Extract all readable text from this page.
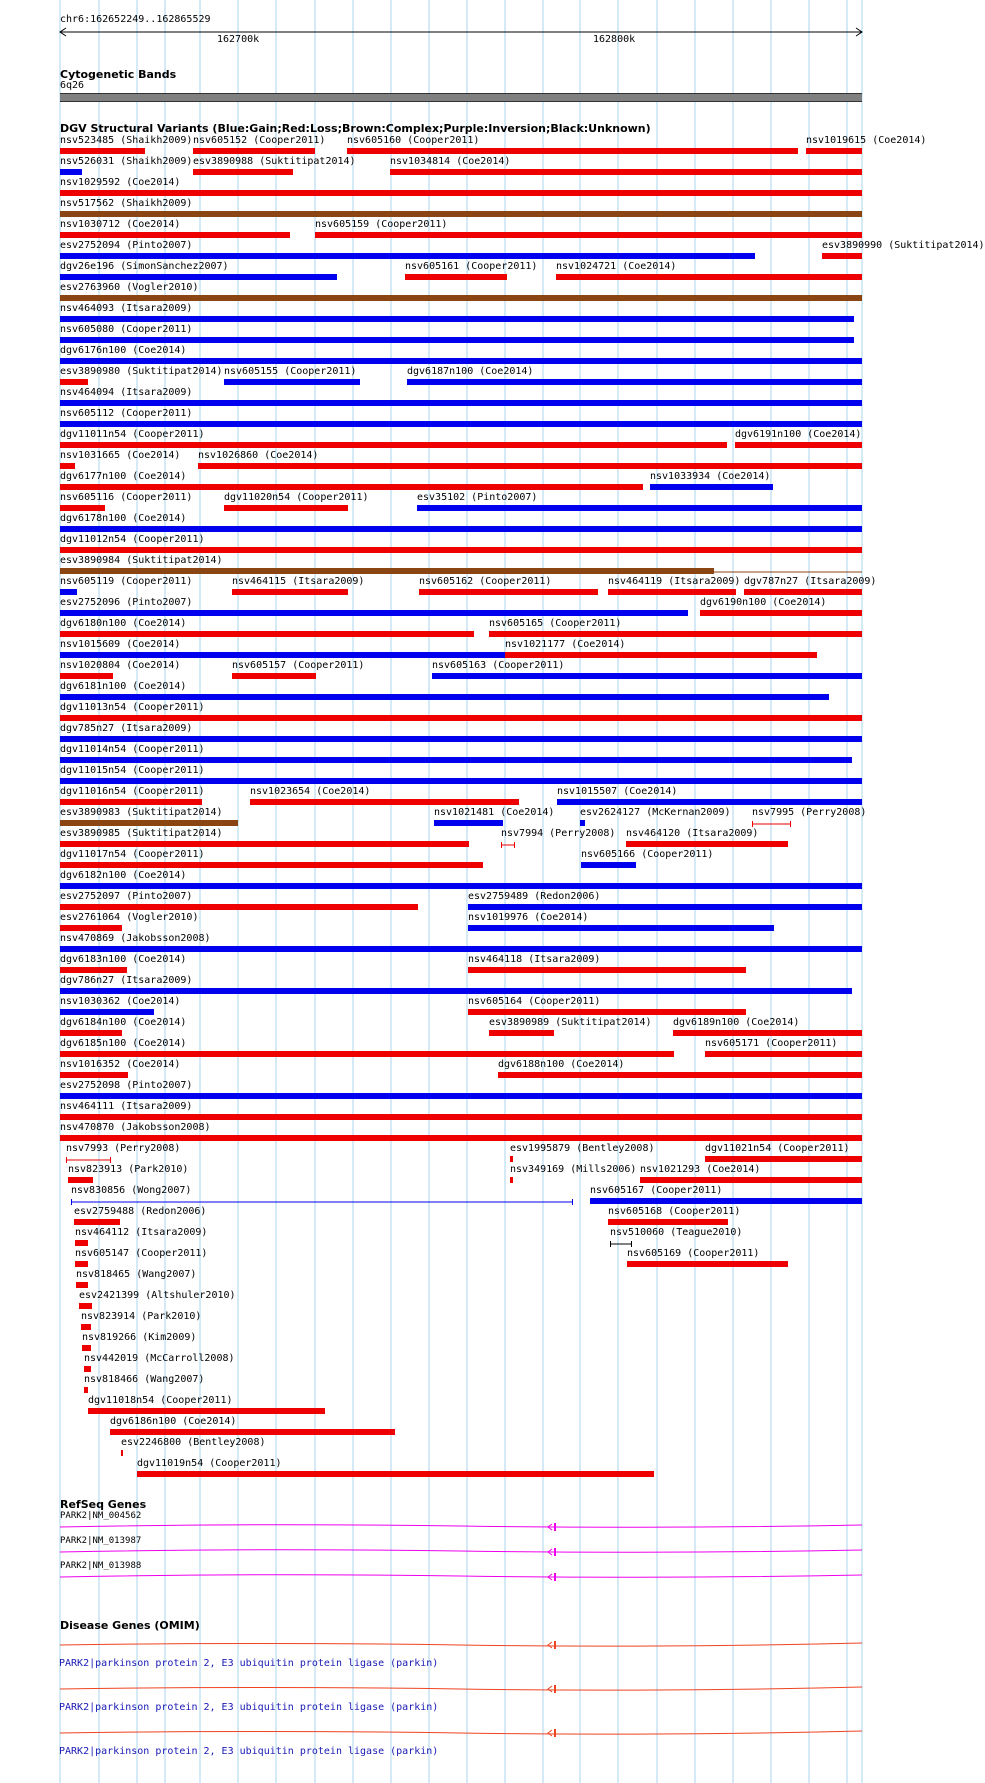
chr6:162652249..162865529
162700k	162800k
Cytogenetic Bands
6q26
DGV Structural Variants (Blue:Gain;Red:Loss;Brown:Complex;Purple:Inversion;Black:Unknown)
nsv523485 (Shaikh2009) nsv605152 (Cooper2011) nsv605160 (Cooper2011)	nsv1019615 (Coe2014)
nsv526031 (Shaikh2009) esv3890988 (Suktitipat2014)	nsv1034814 (Coe2014)
nsv1029592 (Coe2014)
nsv517562 (Shaikh2009)
nsv1030712 (Coe2014)	nsv605159 (Cooper2011)
esv2752094 (Pinto2007)	esv3890990 (Suktitipat2014)
dgv26e196 (SimonSanchez2007)	nsv605161 (Cooper2011) nsv1024721 (Coe2014)
esv2763960 (Vogler2010)
nsv464093 (Itsara2009)
nsv605080 (Cooper2011)
dgv6176n100 (Coe2014)
esv3890980 (Suktitipat2014) nsv605155 (Cooper2011)	dgv6187n100 (Coe2014)
nsv464094 (Itsara2009)
nsv605112 (Cooper2011)
dgv11011n54 (Cooper2011)	dgv6191n100 (Coe2014)
nsv1031665 (Coe2014) nsv1026860 (Coe2014)
dgv6177n100 (Coe2014)	nsv1033934 (Coe2014)
nsv605116 (Cooper2011)	dgv11020n54 (Cooper2011)	esv35102 (Pinto2007)
dgv6178n100 (Coe2014)
dgv11012n54 (Cooper2011)
esv3890984 (Suktitipat2014)
nsv605119 (Cooper2011)	nsv464115 (Itsara2009)	nsv605162 (Cooper2011)	nsv464119 (Itsara2009) dgv787n27 (Itsara2009)
esv2752096 (Pinto2007)	dgv6190n100 (Coe2014)
dgv6180n100 (Coe2014)	nsv605165 (Cooper2011)
nsv1015609 (Coe2014)	nsv1021177 (Coe2014)
nsv1020804 (Coe2014)	nsv605157 (Cooper2011)	nsv605163 (Cooper2011)
dgv6181n100 (Coe2014)
dgv11013n54 (Cooper2011)
dgv785n27 (Itsara2009)
dgv11014n54 (Cooper2011)
dgv11015n54 (Cooper2011)
dgv11016n54 (Cooper2011)	nsv1023654 (Coe2014)	nsv1015507 (Coe2014)
esv3890983 (Suktitipat2014)	nsv1021481 (Coe2014)	esv2624127 (McKernan2009) nsv7995 (Perry2008)
esv3890985 (Suktitipat2014)	nsv7994 (Perry2008) nsv464120 (Itsara2009)
dgv11017n54 (Cooper2011)	nsv605166 (Cooper2011)
dgv6182n100 (Coe2014)
esv2752097 (Pinto2007)	esv2759489 (Redon2006)
esv2761064 (Vogler2010)	nsv1019976 (Coe2014)
nsv470869 (Jakobsson2008)
dgv6183n100 (Coe2014)	nsv464118 (Itsara2009)
dgv786n27 (Itsara2009)
nsv1030362 (Coe2014)	nsv605164 (Cooper2011)
dgv6184n100 (Coe2014)	esv3890989 (Suktitipat2014) dgv6189n100 (Coe2014)
dgv6185n100 (Coe2014)	nsv605171 (Cooper2011)
nsv1016352 (Coe2014)	dgv6188n100 (Coe2014)
esv2752098 (Pinto2007)
nsv464111 (Itsara2009)
nsv470870 (Jakobsson2008)
nsv7993 (Perry2008)	esv1995879 (Bentley2008)	dgv11021n54 (Cooper2011)
nsv823913 (Park2010)	nsv349169 (Mills2006) nsv1021293 (Coe2014)
nsv830856 (Wong2007)	nsv605167 (Cooper2011)
esv2759488 (Redon2006)	nsv605168 (Cooper2011)
nsv464112 (Itsara2009)	nsv510060 (Teague2010)
nsv605147 (Cooper2011)	nsv605169 (Cooper2011)
nsv818465 (Wang2007)
esv2421399 (Altshuler2010)
nsv823914 (Park2010)
nsv819266 (Kim2009)
nsv442019 (McCarroll2008)
nsv818466 (Wang2007)
dgv11018n54 (Cooper2011)
dgv6186n100 (Coe2014)
esv2246800 (Bentley2008)
dgv11019n54 (Cooper2011)
RefSeq Genes
PARK2|NM_004562
PARK2|NM_013987
PARK2|NM_013988
Disease Genes (OMIM)
PARK2|parkinson protein 2, E3 ubiquitin protein ligase (parkin)
PARK2|parkinson protein 2, E3 ubiquitin protein ligase (parkin)
PARK2|parkinson protein 2, E3 ubiquitin protein ligase (parkin)
